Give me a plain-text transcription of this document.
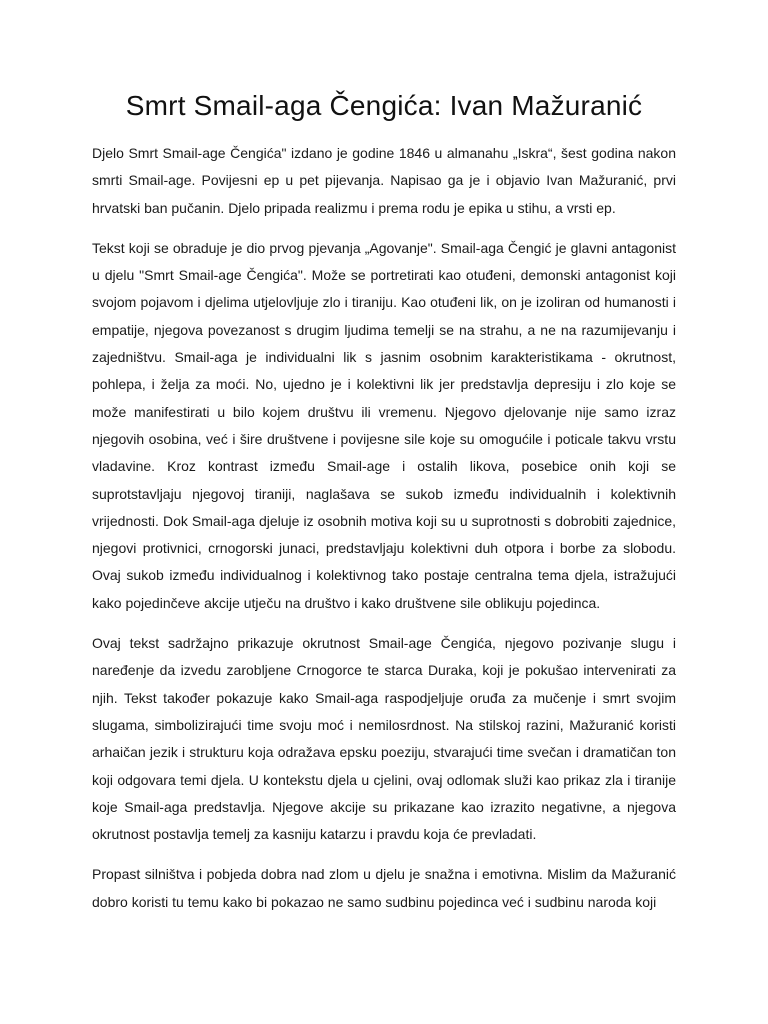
Smrt Smail-aga Čengića: Ivan Mažuranić

Djelo Smrt Smail-age Čengića" izdano je godine 1846 u almanahu „Iskra“, šest godina nakon smrti Smail-age. Povijesni ep u pet pijevanja. Napisao ga je i objavio Ivan Mažuranić, prvi hrvatski ban pučanin. Djelo pripada realizmu i prema rodu je epika u stihu, a vrsti ep.

Tekst koji se obraduje je dio prvog pjevanja „Agovanje". Smail-aga Čengić je glavni antagonist u djelu "Smrt Smail-age Čengića". Može se portretirati kao otuđeni, demonski antagonist koji svojom pojavom i djelima utjelovljuje zlo i tiraniju. Kao otuđeni lik, on je izoliran od humanosti i empatije, njegova povezanost s drugim ljudima temelji se na strahu, a ne na razumijevanju i zajedništvu. Smail-aga je individualni lik s jasnim osobnim karakteristikama - okrutnost, pohlepa, i želja za moći. No, ujedno je i kolektivni lik jer predstavlja depresiju i zlo koje se može manifestirati u bilo kojem društvu ili vremenu. Njegovo djelovanje nije samo izraz njegovih osobina, već i šire društvene i povijesne sile koje su omogućile i poticale takvu vrstu vladavine. Kroz kontrast između Smail-age i ostalih likova, posebice onih koji se suprotstavljaju njegovoj tiraniji, naglašava se sukob između individualnih i kolektivnih vrijednosti. Dok Smail-aga djeluje iz osobnih motiva koji su u suprotnosti s dobrobiti zajednice, njegovi protivnici, crnogorski junaci, predstavljaju kolektivni duh otpora i borbe za slobodu. Ovaj sukob između individualnog i kolektivnog tako postaje centralna tema djela, istražujući kako pojedinčeve akcije utječu na društvo i kako društvene sile oblikuju pojedinca.

Ovaj tekst sadržajno prikazuje okrutnost Smail-age Čengića, njegovo pozivanje slugu i naređenje da izvedu zarobljene Crnogorce te starca Duraka, koji je pokušao intervenirati za njih. Tekst također pokazuje kako Smail-aga raspodjeljuje oruđa za mučenje i smrt svojim slugama, simbolizirajući time svoju moć i nemilosrdnost. Na stilskoj razini, Mažuranić koristi arhaičan jezik i strukturu koja odražava epsku poeziju, stvarajući time svečan i dramatičan ton koji odgovara temi djela. U kontekstu djela u cjelini, ovaj odlomak služi kao prikaz zla i tiranije koje Smail-aga predstavlja. Njegove akcije su prikazane kao izrazito negativne, a njegova okrutnost postavlja temelj za kasniju katarzu i pravdu koja će prevladati.

Propast silništva i pobjeda dobra nad zlom u djelu je snažna i emotivna. Mislim da Mažuranić dobro koristi tu temu kako bi pokazao ne samo sudbinu pojedinca već i sudbinu naroda koji
